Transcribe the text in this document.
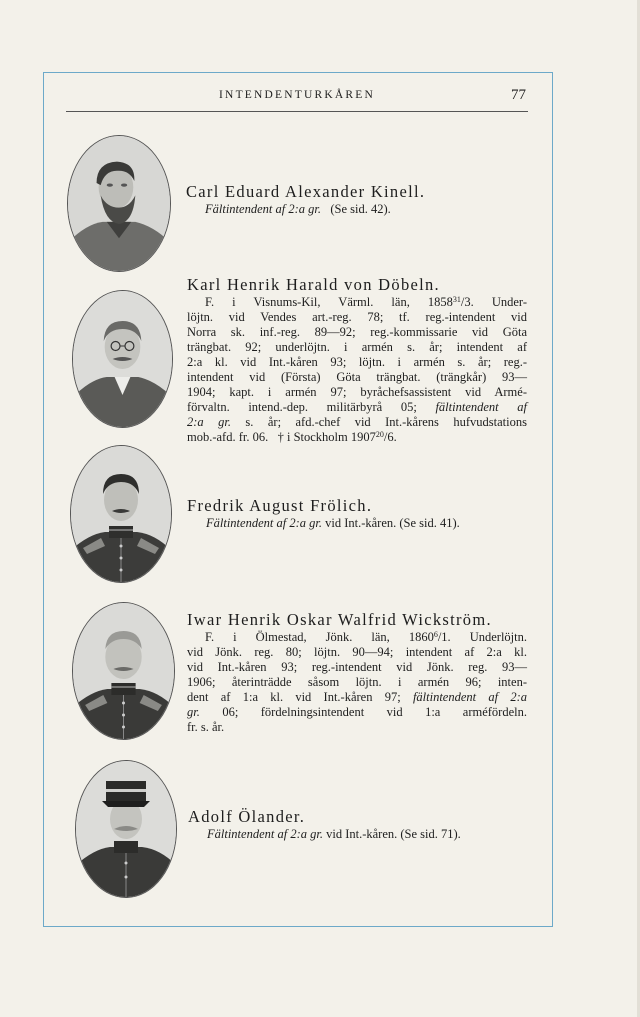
INTENDENTURKÅREN	77
Carl Eduard Alexander Kinell.
Fältintendent af 2:a gr. (Se sid. 42).
Karl Henrik Harald von Döbeln.
F. i Visnums-Kil, Värml. län, 1858$^{31}$/3. Under-
löjtn. vid Vendes art.-reg. 78; tf. reg.-intendent vid
Norra sk. inf.-reg. 89—92; reg.-kommissarie vid Göta
trängbat. 92; underlöjtn. i armén s. år; intendent af
2:a kl. vid Int.-kåren 93; löjtn. i armén s. år; reg.-
intendent vid (Första) Göta trängbat. (trängkår) 93—
1904; kapt. i armén 97; byråchefsassistent vid Armé-
förvaltn. intend.-dep. militärbyrå 05; fältintendent af
2:a gr. s. år; afd.-chef vid Int.-kårens hufvudstations
mob.-afd. fr. 06. † i Stockholm 1907$^{20}$/6.
Fredrik August Frölich.
Fältintendent af 2:a gr. vid Int.-kåren. (Se sid. 41).
Iwar Henrik Oskar Walfrid Wickström.
F. i Ölmestad, Jönk. län, 1860$^6$/1. Underlöjtn.
vid Jönk. reg. 80; löjtn. 90—94; intendent af 2:a kl.
vid Int.-kåren 93; reg.-intendent vid Jönk. reg. 93—
1906; återinträdde såsom löjtn. i armén 96; inten-
dent af 1:a kl. vid Int.-kåren 97; fältintendent af 2:a
gr. 06; fördelningsintendent vid 1:a arméfördeln.
fr. s. år.
Adolf Ölander.
Fältintendent af 2:a gr. vid Int.-kåren. (Se sid. 71).
